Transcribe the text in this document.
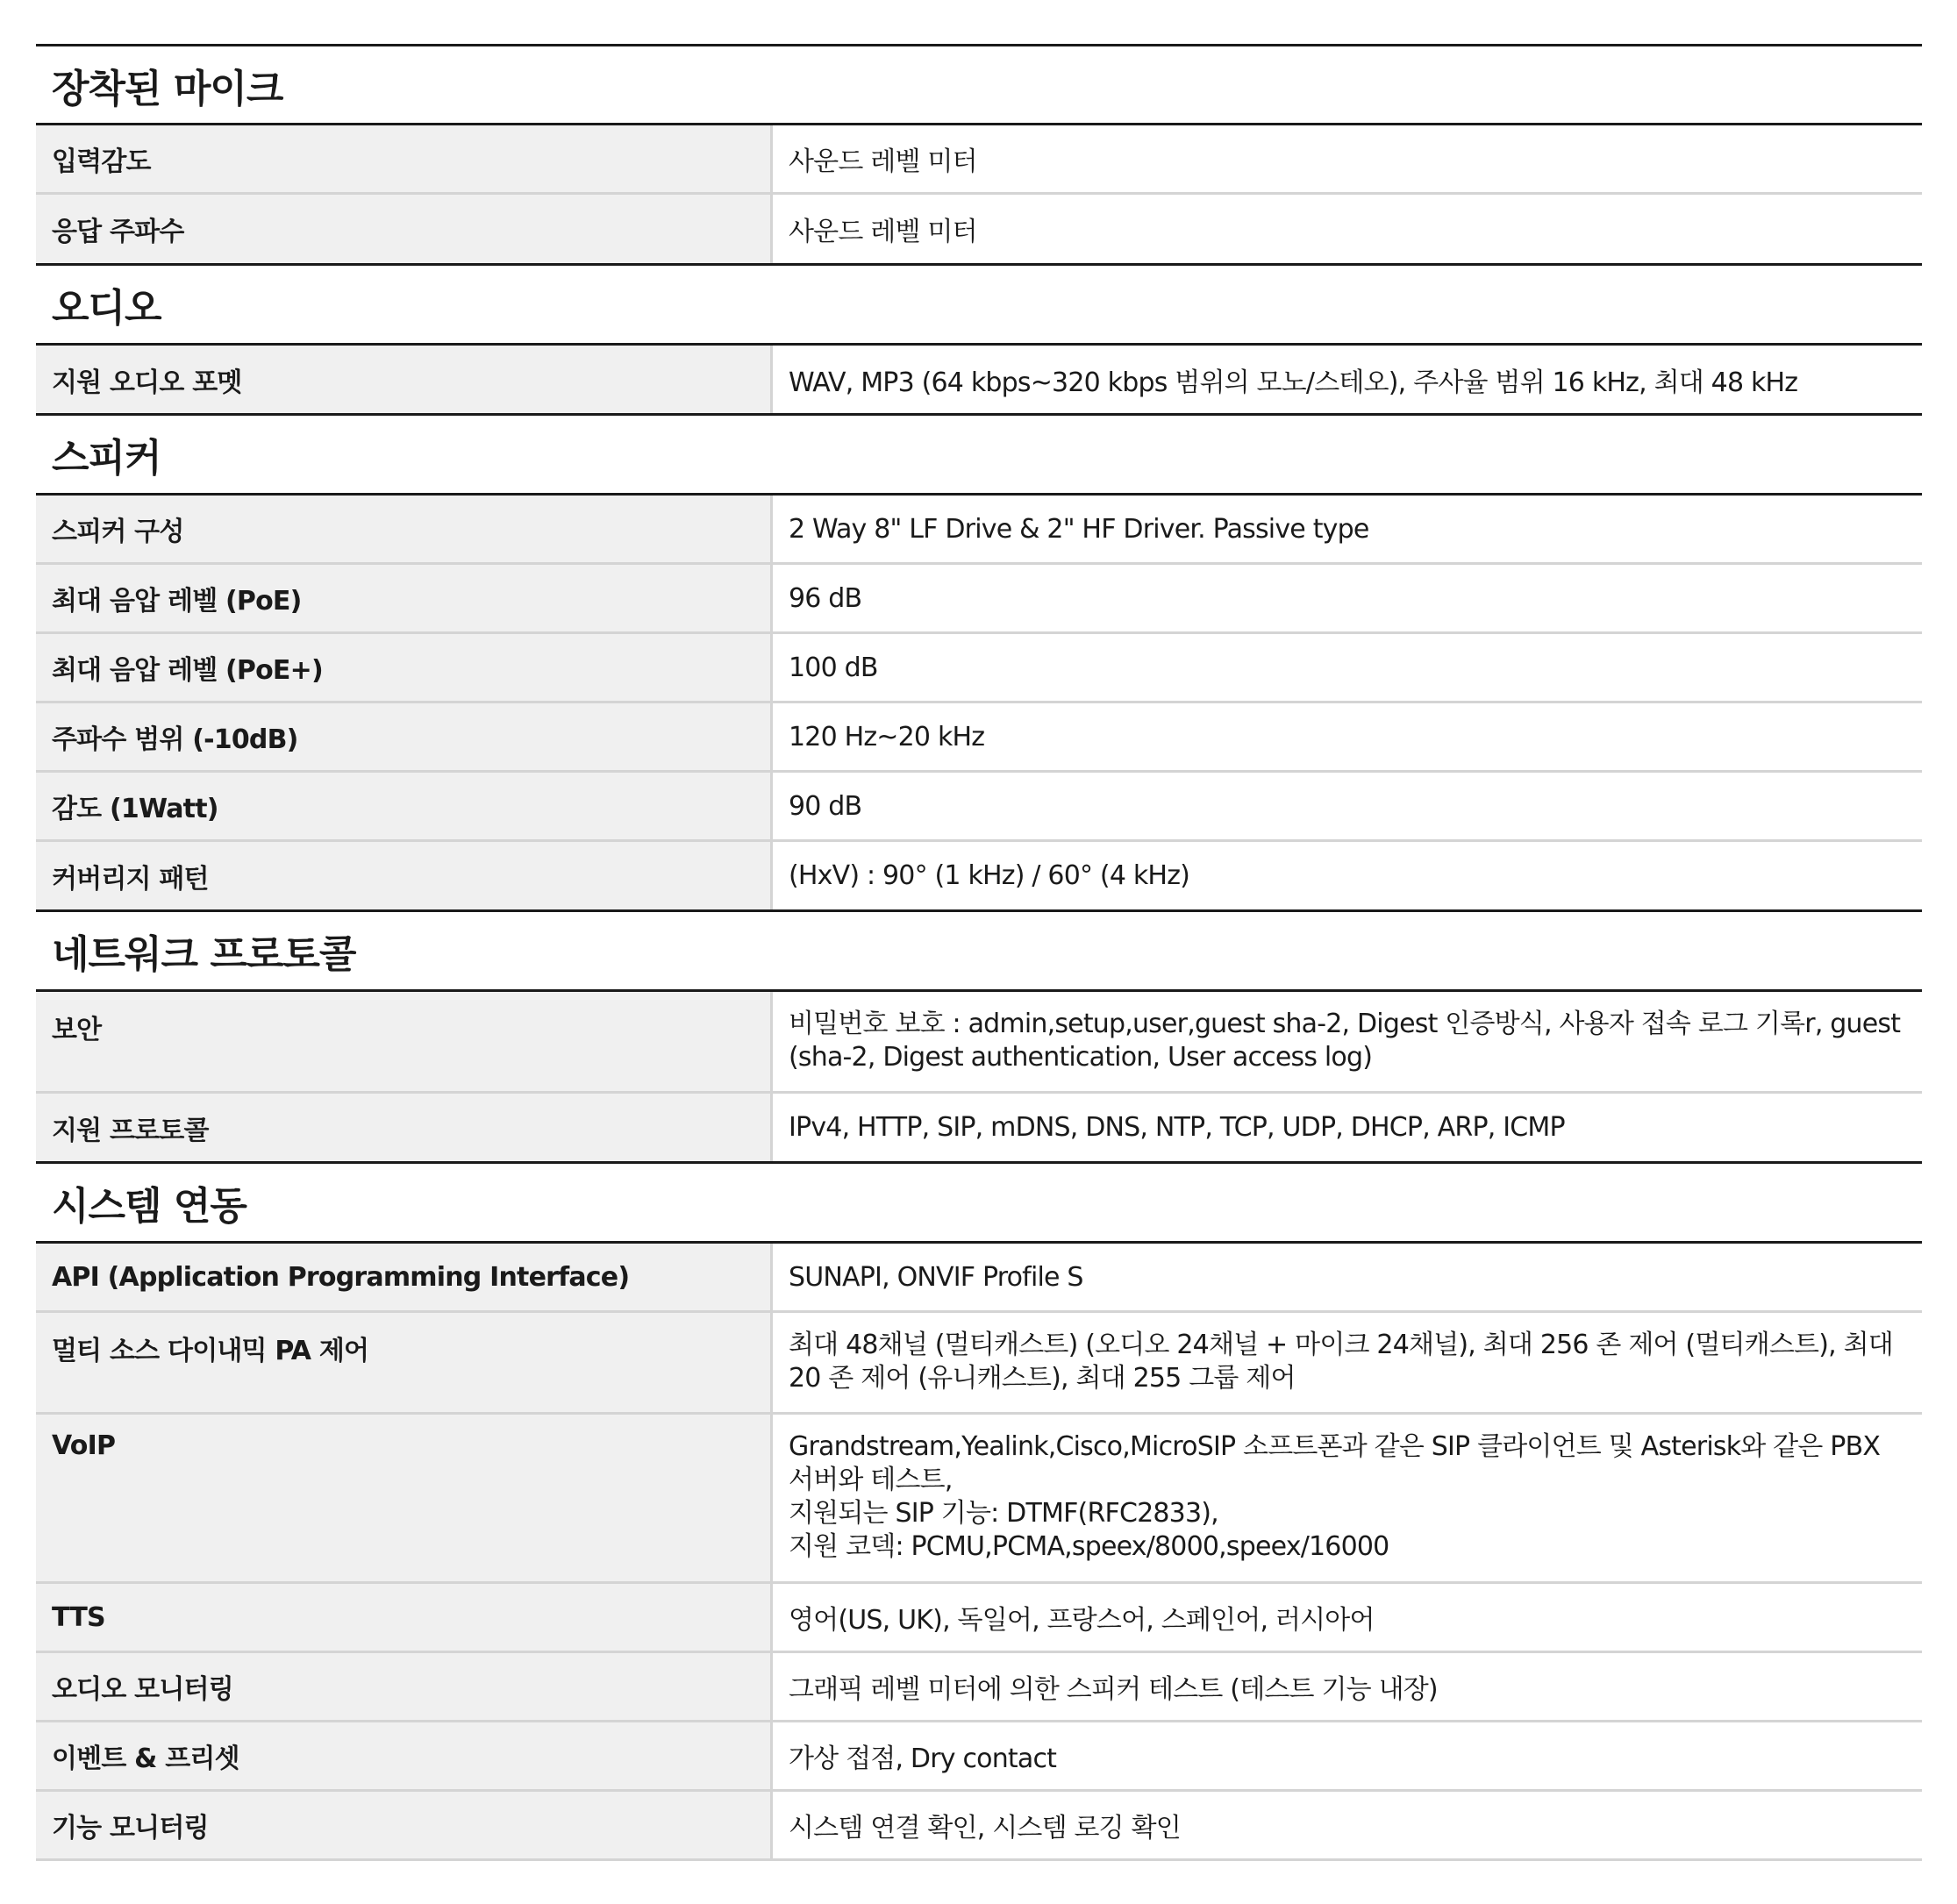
장착된 마이크
입력감도	사운드 레벨 미터
응답 주파수	사운드 레벨 미터
오디오
지원 오디오 포멧	WAV, MP3 (64 kbps~320 kbps 범위의 모노/스테오), 주사율 범위 16 kHz, 최대 48 kHz
스피커
스피커 구성	2 Way 8" LF Drive & 2" HF Driver. Passive type
최대 음압 레벨 (PoE)	96 dB
최대 음압 레벨 (PoE+)	100 dB
주파수 범위 (-10dB)	120 Hz~20 kHz
감도 (1Watt)	90 dB
커버리지 패턴	(HxV) : 90° (1 kHz) / 60° (4 kHz)
네트워크 프로토콜
보안	비밀번호 보호 : admin,setup,user,guest sha-2, Digest 인증방식, 사용자 접속 로그 기록r, guest
(sha-2, Digest authentication, User access log)
지원 프로토콜	IPv4, HTTP, SIP, mDNS, DNS, NTP, TCP, UDP, DHCP, ARP, ICMP
시스템 연동
API (Application Programming Interface)	SUNAPI, ONVIF Profile S
멀티 소스 다이내믹 PA 제어	최대 48채널 (멀티캐스트) (오디오 24채널 + 마이크 24채널), 최대 256 존 제어 (멀티캐스트), 최대
20 존 제어 (유니캐스트), 최대 255 그룹 제어
VoIP	Grandstream,Yealink,Cisco,MicroSIP 소프트폰과 같은 SIP 클라이언트 및 Asterisk와 같은 PBX
서버와 테스트,
지원되는 SIP 기능: DTMF(RFC2833),
지원 코덱: PCMU,PCMA,speex/8000,speex/16000
TTS	영어(US, UK), 독일어, 프랑스어, 스페인어, 러시아어
오디오 모니터링	그래픽 레벨 미터에 의한 스피커 테스트 (테스트 기능 내장)
이벤트 & 프리셋	가상 접점, Dry contact
기능 모니터링	시스템 연결 확인, 시스템 로깅 확인
